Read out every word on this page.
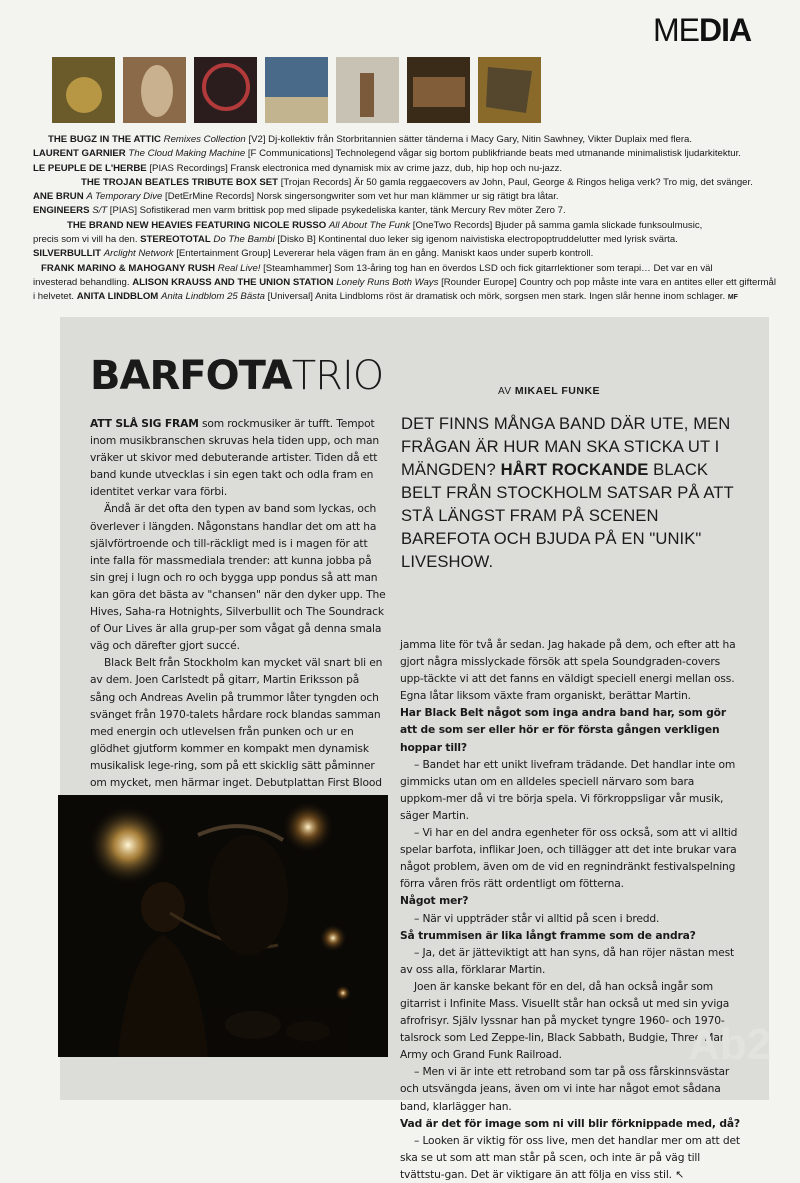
MEDIA
THE BUGZ IN THE ATTIC Remixes Collection [V2] Dj-kollektiv från Storbritannien sätter tänderna i Macy Gary, Nitin Sawhney, Vikter Duplaix med flera.
LAURENT GARNIER The Cloud Making Machine [F Communications] Technolegend vågar sig bortom publikfriande beats med utmanande minimalistisk ljudarkitektur.
LE PEUPLE DE L'HERBE [PIAS Recordings] Fransk electronica med dynamisk mix av crime jazz, dub, hip hop och nu-jazz.
THE TROJAN BEATLES TRIBUTE BOX SET [Trojan Records] Är 50 gamla reggaecovers av John, Paul, George & Ringos heliga verk? Tro mig, det svänger.
ANE BRUN A Temporary Dive [DetErMine Records] Norsk singersongwriter som vet hur man klämmer ur sig rätigt bra låtar.
ENGINEERS S/T [PIAS] Sofistikerad men varm brittisk pop med slipade psykedeliska kanter, tänk Mercury Rev möter Zero 7.
THE BRAND NEW HEAVIES FEATURING NICOLE RUSSO All About The Funk [OneTwo Records] Bjuder på samma gamla slickade funksoulmusic,
precis som vi vill ha den. STEREOTOTAL Do The Bambi [Disko B] Kontinental duo leker sig igenom naivistiska electropoptruddelutter med lyrisk svärta.
SILVERBULLIT Arclight Network [Entertainment Group] Levererar hela vägen fram än en gång. Maniskt kaos under superb kontroll.
FRANK MARINO & MAHOGANY RUSH Real Live! [Steamhammer] Som 13-åring tog han en överdos LSD och fick gitarrlektioner som terapi… Det var en väl
investerad behandling. ALISON KRAUSS AND THE UNION STATION Lonely Runs Both Ways [Rounder Europe] Country och pop måste inte vara en antites eller ett giftermål
i helvetet. ANITA LINDBLOM Anita Lindblom 25 Bästa [Universal] Anita Lindbloms röst är dramatisk och mörk, sorgsen men stark. Ingen slår henne inom schlager. MF
BARFOTATRIO	AV MIKAEL FUNKE

ATT SLÅ SIG FRAM som rockmusiker är tufft. Tempot inom musikbranschen skruvas hela tiden upp, och man vräker ut skivor med debuterande artister. Tiden då ett band kunde utvecklas i sin egen takt och odla fram en identitet verkar vara förbi.

Ändå är det ofta den typen av band som lyckas, och överlever i längden. Någonstans handlar det om att ha självförtroende och till-räckligt med is i magen för att inte falla för massmediala trender: att kunna jobba på sin grej i lugn och ro och bygga upp pondus så att man kan göra det bästa av "chansen" när den dyker upp. The Hives, Saha-ra Hotnights, Silverbullit och The Soundrack of Our Lives är alla grup-per som vågat gå denna smala väg och därefter gjort succé.

Black Belt från Stockholm kan mycket väl snart bli en av dem. Joen Carlstedt på gitarr, Martin Eriksson på sång och Andreas Avelin på trummor låter tyngden och svänget från 1970-talets hårdare rock blandas samman med energin och utlevelsen från punken och ur en glödhet gjutform kommer en kompakt men dynamisk musikalisk lege-ring, som på ett skicklig sätt påminner om mycket, men härmar inget. Debutplattan First Blood

DET FINNS MÅNGA BAND DÄR UTE, MEN FRÅGAN ÄR HUR MAN SKA STICKA UT I MÄNGDEN? HÅRT ROCKANDE BLACK BELT FRÅN STOCKHOLM SATSAR PÅ ATT STÅ LÄNGST FRAM PÅ SCENEN BAREFOTA OCH BJUDA PÅ EN "UNIK" LIVESHOW.

jamma lite för två år sedan. Jag hakade på dem, och efter att ha gjort några misslyckade försök att spela Soundgraden-covers upp-täckte vi att det fanns en väldigt speciell energi mellan oss. Egna låtar liksom växte fram organiskt, berättar Martin.

Har Black Belt något som inga andra band har, som gör att de som ser eller hör er för första gången verkligen hoppar till?

– Bandet har ett unikt livefram trädande. Det handlar inte om gimmicks utan om en alldeles speciell närvaro som bara uppkom-mer då vi tre börja spela. Vi förkroppsligar vår musik, säger Martin.

– Vi har en del andra egenheter för oss också, som att vi alltid spelar barfota, inflikar Joen, och tillägger att det inte brukar vara något problem, även om de vid en regnindränkt festivalspelning förra våren frös rätt ordentligt om fötterna.

Något mer?

– När vi uppträder står vi alltid på scen i bredd.

Så trummisen är lika långt framme som de andra?

– Ja, det är jätteviktigt att han syns, då han röjer nästan mest av oss alla, förklarar Martin.

Joen är kanske bekant för en del, då han också ingår som gitarrist i Infinite Mass. Visuellt står han också ut med sin yviga afrofrisyr. Själv lyssnar han på mycket tyngre 1960- och 1970-talsrock som Led Zeppe-lin, Black Sabbath, Budgie, Three Man Army och Grand Funk Railroad.

– Men vi är inte ett retroband som tar på oss fårskinnsvästar och utsvängda jeans, även om vi inte har något emot sådana band, klarlägger han.

Vad är det för image som ni vill blir förknippade med, då?

– Looken är viktig för oss live, men det handlar mer om att det ska se ut som att man står på scen, och inte är på väg till tvättstu-gan. Det är viktigare än att följa en viss stil. ↖

Ab2
